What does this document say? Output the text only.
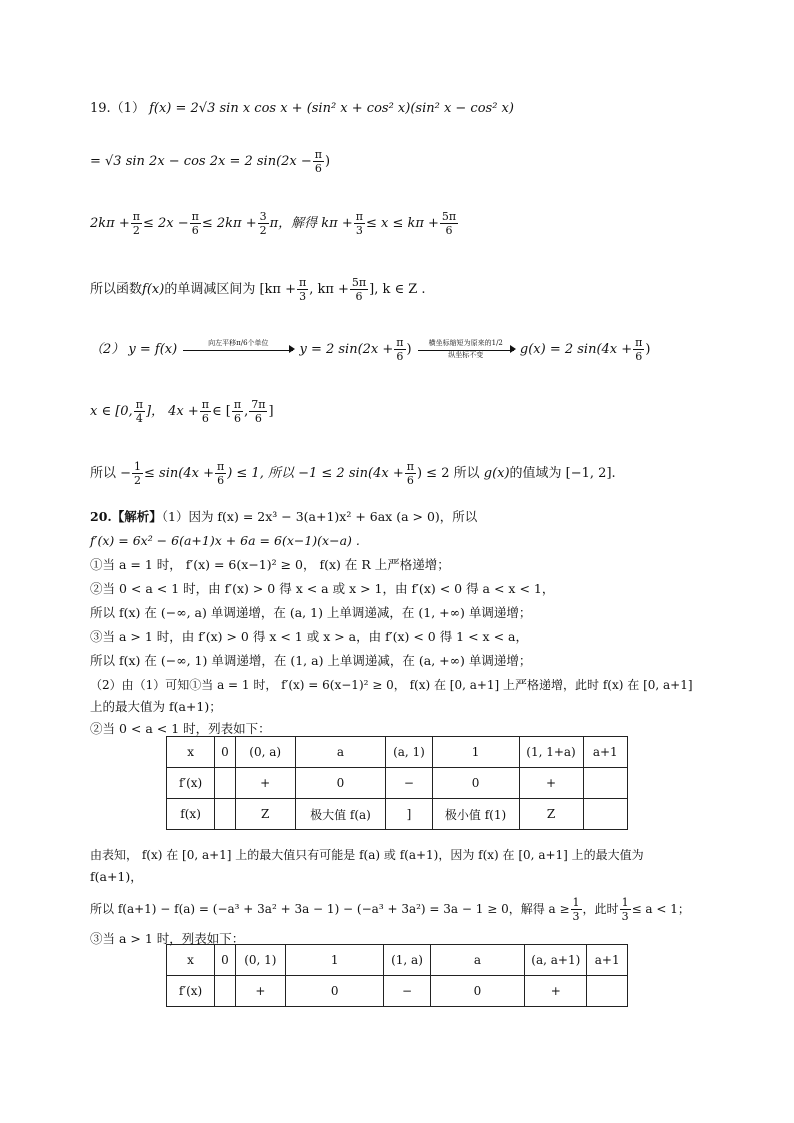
19.（1） f(x) = 2√3 sin x cos x + (sin² x + cos² x)(sin² x − cos² x)
= √3 sin 2x − cos 2x = 2 $\sin(2x - \frac{\pi}{6}$ )
$2k\pi + \frac{\pi}{2} \le 2x - \frac{\pi}{6} \le 2k\pi + \frac{3}{2}$ π，解得 $k\pi + \frac{\pi}{3} \le x \le k\pi + \frac{5\pi}{6}$
所以函数f(x)的单调减区间为 [$k\pi + \frac{\pi}{3}$ , $k\pi + \frac{5\pi}{6}$ ], k ∈ Z .
（2） y = f(x)	向左平移π/6个单位
	y = 2 $\sin(2x + \frac{\pi}{6}$ )	横坐标缩短为原来的1/2
纵坐标不变	g(x) = 2 $\sin(4x + \frac{\pi}{6}$ )
x ∈ [0, $\frac{\pi}{4}$ ]， $4x + \frac{\pi}{6}$ ∈ [ $\frac{\pi}{6}$ , $\frac{7\pi}{6}$ ]
所以 − $\frac{1}{2} \le \sin(4x + \frac{\pi}{6}$ ) ≤ 1, 所以 −1 ≤ 2 $\sin(4x + \frac{\pi}{6}$ ) ≤ 2 所以 g(x)的值域为 [−1, 2].
20.【解析】（1）因为 f(x) = 2x³ − 3(a+1)x² + 6ax (a > 0)，所以
f′(x) = 6x² − 6(a+1)x + 6a = 6(x−1)(x−a) .
①当 a = 1 时， f′(x) = 6(x−1)² ≥ 0， f(x) 在 R 上严格递增；
②当 0 < a < 1 时，由 f′(x) > 0 得 x < a 或 x > 1，由 f′(x) < 0 得 a < x < 1，
所以 f(x) 在 (−∞, a) 单调递增，在 (a, 1) 上单调递减，在 (1, +∞) 单调递增；
③当 a > 1 时，由 f′(x) > 0 得 x < 1 或 x > a，由 f′(x) < 0 得 1 < x < a，
所以 f(x) 在 (−∞, 1) 单调递增，在 (1, a) 上单调递减，在 (a, +∞) 单调递增；
（2）由（1）可知①当 a = 1 时， f′(x) = 6(x−1)² ≥ 0， f(x) 在 [0, a+1] 上严格递增，此时 f(x) 在 [0, a+1]
上的最大值为 f(a+1)；
②当 0 < a < 1 时，列表如下：
x	0	(0, a)	a	(a, 1)	1	(1, 1+a)	a+1
f′(x)		+	0	−	0	+	
f(x)		Z	极大值 f(a)	]	极小值 f(1)	Z	
由表知， f(x) 在 [0, a+1] 上的最大值只有可能是 f(a) 或 f(a+1)，因为 f(x) 在 [0, a+1] 上的最大值为
f(a+1)，
所以 f(a+1) − f(a) = (−a³ + 3a² + 3a − 1) − (−a³ + 3a²) = 3a − 1 ≥ 0，解得 $a \ge \frac{1}{3}$ ，此时 $\frac{1}{3} \le a < 1$；
③当 a > 1 时，列表如下：
x	0	(0, 1)	1	(1, a)	a	(a, a+1)	a+1
f′(x)		+	0	−	0	+	
